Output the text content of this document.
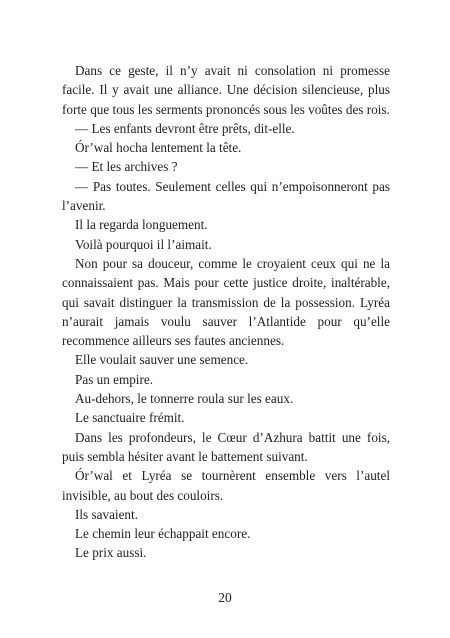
Dans ce geste, il n’y avait ni consolation ni promesse facile. Il y avait une alliance. Une décision silencieuse, plus forte que tous les serments prononcés sous les voûtes des rois.

— Les enfants devront être prêts, dit-elle.

Ór’wal hocha lentement la tête.

— Et les archives ?

— Pas toutes. Seulement celles qui n’empoisonneront pas l’avenir.

Il la regarda longuement.

Voilà pourquoi il l’aimait.

Non pour sa douceur, comme le croyaient ceux qui ne la connaissaient pas. Mais pour cette justice droite, inaltérable, qui savait distinguer la transmission de la possession. Lyréa n’aurait jamais voulu sauver l’Atlantide pour qu’elle recommence ailleurs ses fautes anciennes.

Elle voulait sauver une semence.

Pas un empire.

Au-dehors, le tonnerre roula sur les eaux.

Le sanctuaire frémit.

Dans les profondeurs, le Cœur d’Azhura battit une fois, puis sembla hésiter avant le battement suivant.

Ór’wal et Lyréa se tournèrent ensemble vers l’autel invisible, au bout des couloirs.

Ils savaient.

Le chemin leur échappait encore.

Le prix aussi.

20
